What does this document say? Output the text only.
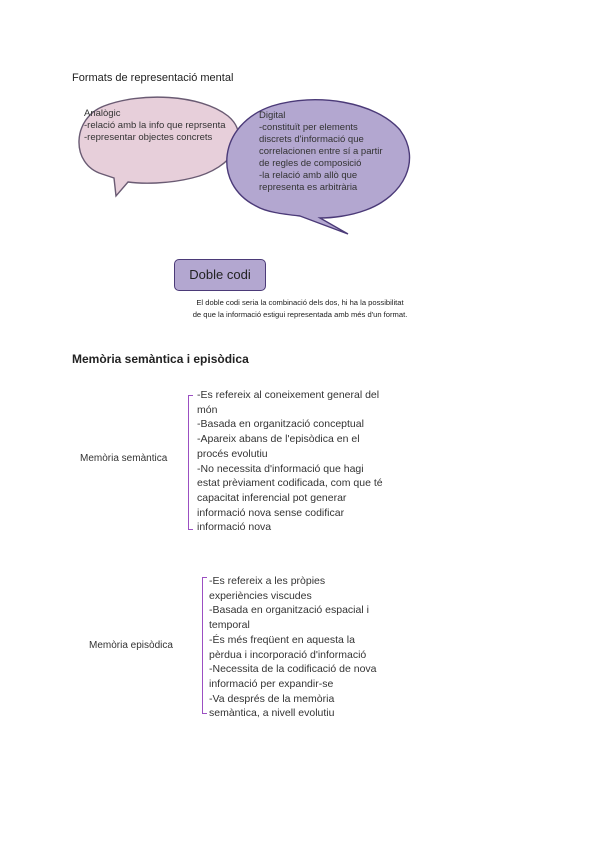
Formats de representació mental
Analògic
-relació amb la info que reprsenta
-representar objectes concrets
Digital
-constituït per elements
discrets d'informació que
correlacionen entre sí a partir
de regles de composició
-la relació amb allò que
representa es arbitrària
Doble codi
El doble codi seria la combinació dels dos, hi ha la possibilitat
de que la informació estigui representada amb més d'un format.
Memòria semàntica i episòdica
Memòria semàntica
-Es refereix al coneixement general del
món
-Basada en organització conceptual
-Apareix abans de l'episòdica en el
procés evolutiu
-No necessita d'informació que hagi
estat prèviament codificada, com que té
capacitat inferencial pot generar
informació nova sense codificar
informació nova
Memòria episòdica
-Es refereix a les pròpies
experiències viscudes
-Basada en organització espacial i
temporal
-És més freqüent en aquesta la
pèrdua i incorporació d'informació
-Necessita de la codificació de nova
informació per expandir-se
-Va després de la memòria
semàntica, a nivell evolutiu
